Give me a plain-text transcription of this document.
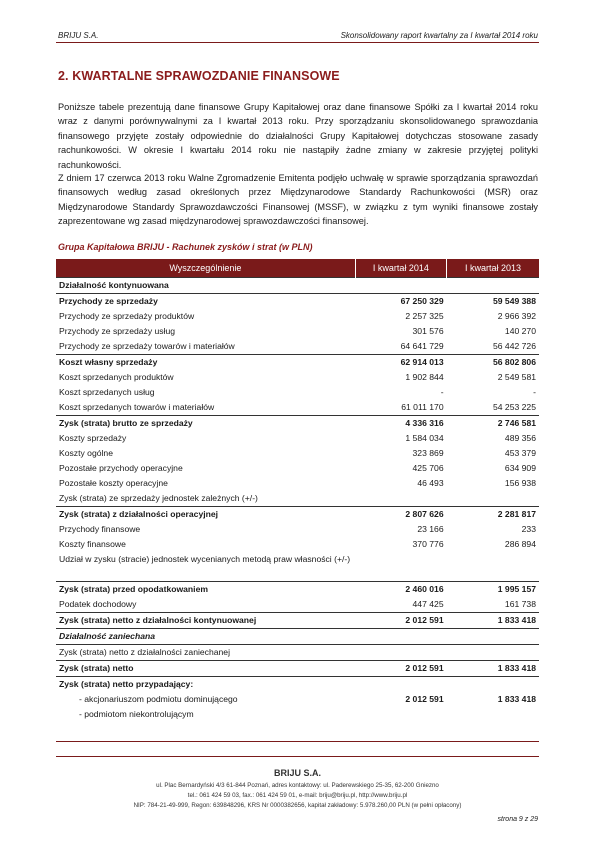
BRIJU S.A.	Skonsolidowany raport kwartalny za I kwartał 2014 roku
2. KWARTALNE SPRAWOZDANIE FINANSOWE
Poniższe tabele prezentują dane finansowe Grupy Kapitałowej oraz dane finansowe Spółki za I kwartał 2014 roku wraz z danymi porównywalnymi za I kwartał 2013 roku. Przy sporządzaniu skonsolidowanego sprawozdania finansowego przyjęte zostały odpowiednie do działalności Grupy Kapitałowej dotychczas stosowane zasady rachunkowości. W okresie I kwartału 2014 roku nie nastąpiły żadne zmiany w zakresie przyjętej polityki rachunkowości.
Z dniem 17 czerwca 2013 roku Walne Zgromadzenie Emitenta podjęło uchwałę w sprawie sporządzania sprawozdań finansowych według zasad określonych przez Międzynarodowe Standardy Rachunkowości (MSR) oraz Międzynarodowe Standardy Sprawozdawczości Finansowej (MSSF), w związku z tym wyniki finansowe zostały zaprezentowane wg zasad międzynarodowej sprawozdawczości finansowej.
Grupa Kapitałowa BRIJU - Rachunek zysków i strat (w PLN)
Wyszczególnienie	I kwartał 2014	I kwartał 2013
Działalność kontynuowana		
Przychody ze sprzedaży	67 250 329	59 549 388
Przychody ze sprzedaży produktów	2 257 325	2 966 392
Przychody ze sprzedaży usług	301 576	140 270
Przychody ze sprzedaży towarów i materiałów	64 641 729	56 442 726
Koszt własny sprzedaży	62 914 013	56 802 806
Koszt sprzedanych produktów	1 902 844	2 549 581
Koszt sprzedanych usług	-	-
Koszt sprzedanych towarów i materiałów	61 011 170	54 253 225
Zysk (strata) brutto ze sprzedaży	4 336 316	2 746 581
Koszty sprzedaży	1 584 034	489 356
Koszty ogólne	323 869	453 379
Pozostałe przychody operacyjne	425 706	634 909
Pozostałe koszty operacyjne	46 493	156 938
Zysk (strata) ze sprzedaży jednostek zależnych (+/-)		
Zysk (strata) z działalności operacyjnej	2 807 626	2 281 817
Przychody finansowe	23 166	233
Koszty finansowe	370 776	286 894
Udział w zysku (stracie) jednostek wycenianych metodą praw własności (+/-)		
Zysk (strata) przed opodatkowaniem	2 460 016	1 995 157
Podatek dochodowy	447 425	161 738
Zysk (strata) netto z działalności kontynuowanej	2 012 591	1 833 418
Działalność zaniechana		
Zysk (strata) netto z działalności zaniechanej		
Zysk (strata) netto	2 012 591	1 833 418
Zysk (strata) netto przypadający:		

- akcjonariuszom podmiotu dominującego	2 012 591	1 833 418

- podmiotom niekontrolującym		

BRIJU S.A.
ul. Plac Bernardyński 4/3 61-844 Poznań, adres kontaktowy: ul. Paderewskiego 25-35, 62-200 Gniezno
tel.: 061 424 59 03, fax.: 061 424 59 01, e-mail: briju@briju.pl, http://www.briju.pl
NIP: 784-21-49-999, Regon: 639848296, KRS Nr 0000382656, kapitał zakładowy: 5.978.260,00 PLN (w pełni opłacony)
strona 9 z 29
